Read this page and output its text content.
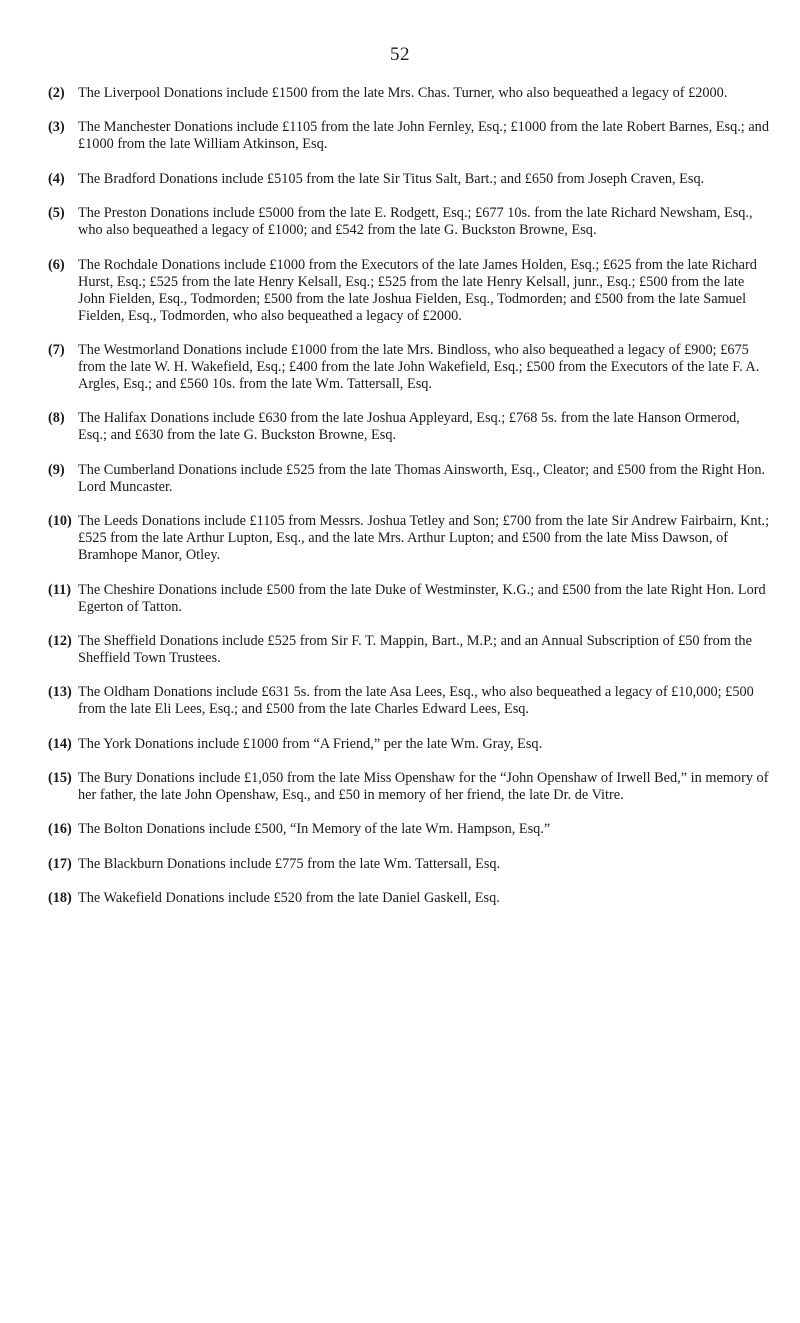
52
(2) The Liverpool Donations include £1500 from the late Mrs. Chas. Turner, who also bequeathed a legacy of £2000.
(3) The Manchester Donations include £1105 from the late John Fernley, Esq.; £1000 from the late Robert Barnes, Esq.; and £1000 from the late William Atkinson, Esq.
(4) The Bradford Donations include £5105 from the late Sir Titus Salt, Bart.; and £650 from Joseph Craven, Esq.
(5) The Preston Donations include £5000 from the late E. Rodgett, Esq.; £677 10s. from the late Richard Newsham, Esq., who also bequeathed a legacy of £1000; and £542 from the late G. Buckston Browne, Esq.
(6) The Rochdale Donations include £1000 from the Executors of the late James Holden, Esq.; £625 from the late Richard Hurst, Esq.; £525 from the late Henry Kelsall, Esq.; £525 from the late Henry Kelsall, junr., Esq.; £500 from the late John Fielden, Esq., Todmorden; £500 from the late Joshua Fielden, Esq., Todmorden; and £500 from the late Samuel Fielden, Esq., Todmorden, who also bequeathed a legacy of £2000.
(7) The Westmorland Donations include £1000 from the late Mrs. Bindloss, who also bequeathed a legacy of £900; £675 from the late W. H. Wakefield, Esq.; £400 from the late John Wakefield, Esq.; £500 from the Executors of the late F. A. Argles, Esq.; and £560 10s. from the late Wm. Tattersall, Esq.
(8) The Halifax Donations include £630 from the late Joshua Appleyard, Esq.; £768 5s. from the late Hanson Ormerod, Esq.; and £630 from the late G. Buckston Browne, Esq.
(9) The Cumberland Donations include £525 from the late Thomas Ainsworth, Esq., Cleator; and £500 from the Right Hon. Lord Muncaster.
(10) The Leeds Donations include £1105 from Messrs. Joshua Tetley and Son; £700 from the late Sir Andrew Fairbairn, Knt.; £525 from the late Arthur Lupton, Esq., and the late Mrs. Arthur Lupton; and £500 from the late Miss Dawson, of Bramhope Manor, Otley.
(11) The Cheshire Donations include £500 from the late Duke of Westminster, K.G.; and £500 from the late Right Hon. Lord Egerton of Tatton.
(12) The Sheffield Donations include £525 from Sir F. T. Mappin, Bart., M.P.; and an Annual Subscription of £50 from the Sheffield Town Trustees.
(13) The Oldham Donations include £631 5s. from the late Asa Lees, Esq., who also bequeathed a legacy of £10,000; £500 from the late Eli Lees, Esq.; and £500 from the late Charles Edward Lees, Esq.
(14) The York Donations include £1000 from “A Friend,” per the late Wm. Gray, Esq.
(15) The Bury Donations include £1,050 from the late Miss Openshaw for the “John Openshaw of Irwell Bed,” in memory of her father, the late John Openshaw, Esq., and £50 in memory of her friend, the late Dr. de Vitre.
(16) The Bolton Donations include £500, “In Memory of the late Wm. Hampson, Esq.”
(17) The Blackburn Donations include £775 from the late Wm. Tattersall, Esq.
(18) The Wakefield Donations include £520 from the late Daniel Gaskell, Esq.
